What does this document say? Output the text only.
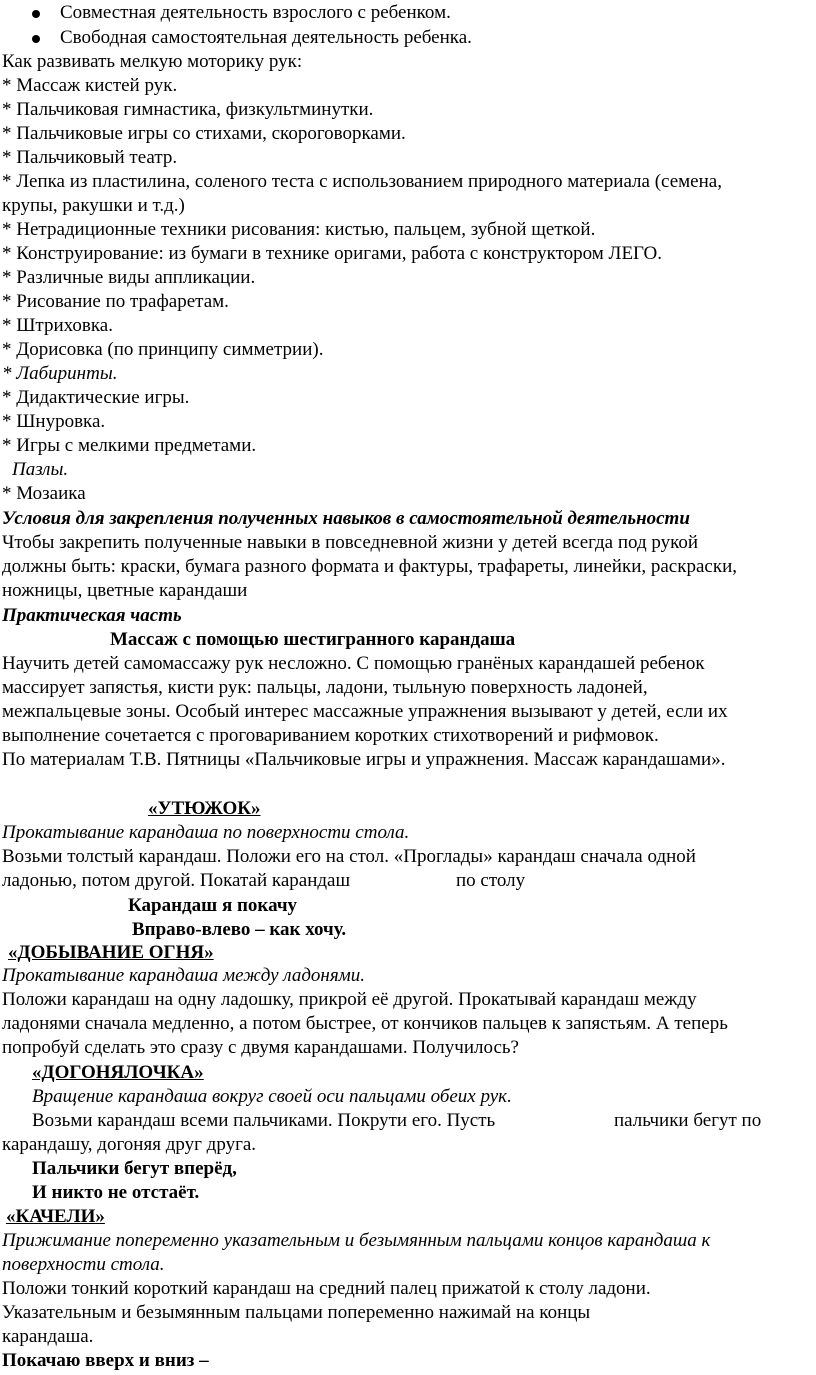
Совместная деятельность взрослого с ребенком.
Свободная самостоятельная деятельность ребенка.
Как развивать мелкую моторику рук:
* Массаж кистей рук.
* Пальчиковая гимнастика, физкультминутки.
* Пальчиковые игры со стихами, скороговорками.
* Пальчиковый театр.
* Лепка из пластилина, соленого теста с использованием природного материала (семена,
крупы, ракушки и т.д.)
* Нетрадиционные техники рисования: кистью, пальцем, зубной щеткой.
* Конструирование: из бумаги в технике оригами, работа с конструктором ЛЕГО.
* Различные виды аппликации.
* Рисование по трафаретам.
* Штриховка.
* Дорисовка (по принципу симметрии).
* Лабиринты.
* Дидактические игры.
* Шнуровка.
* Игры с мелкими предметами.
Пазлы.
* Мозаика
Условия для закрепления полученных навыков в самостоятельной деятельности
Чтобы закрепить полученные навыки в повседневной жизни у детей всегда под рукой
должны быть: краски, бумага разного формата и фактуры, трафареты, линейки, раскраски,
ножницы, цветные карандаши
Практическая часть
Массаж с помощью шестигранного карандаша
Научить детей самомассажу рук несложно. С помощью гранёных карандашей ребенок
массирует запястья, кисти рук: пальцы, ладони, тыльную поверхность ладоней,
межпальцевые зоны. Особый интерес массажные упражнения вызывают у детей, если их
выполнение сочетается с проговариванием коротких стихотворений и рифмовок.
По материалам Т.В. Пятницы «Пальчиковые игры и упражнения. Массаж карандашами».
«УТЮЖОК»
Прокатывание карандаша по поверхности стола.
Возьми толстый карандаш. Положи его на стол. «Проглады» карандаш сначала одной
ладонью, потом другой. Покатай карандаш	по столу
Карандаш я покачу
Вправо-влево – как хочу.
«ДОБЫВАНИЕ ОГНЯ»
Прокатывание карандаша между ладонями.
Положи карандаш на одну ладошку, прикрой её другой. Прокатывай карандаш между
ладонями сначала медленно, а потом быстрее, от кончиков пальцев к запястьям. А теперь
попробуй сделать это сразу с двумя карандашами. Получилось?
«ДОГОНЯЛОЧКА»
Вращение карандаша вокруг своей оси пальцами обеих рук.
Возьми карандаш всеми пальчиками. Покрути его. Пусть	пальчики бегут по
карандашу, догоняя друг друга.
Пальчики бегут вперёд,
И никто не отстаёт.
«КАЧЕЛИ»
Прижимание попеременно указательным и безымянным пальцами концов карандаша к
поверхности стола.
Положи тонкий короткий карандаш на средний палец прижатой к столу ладони.
Указательным и безымянным пальцами попеременно нажимай на концы
карандаша.
Покачаю вверх и вниз –
